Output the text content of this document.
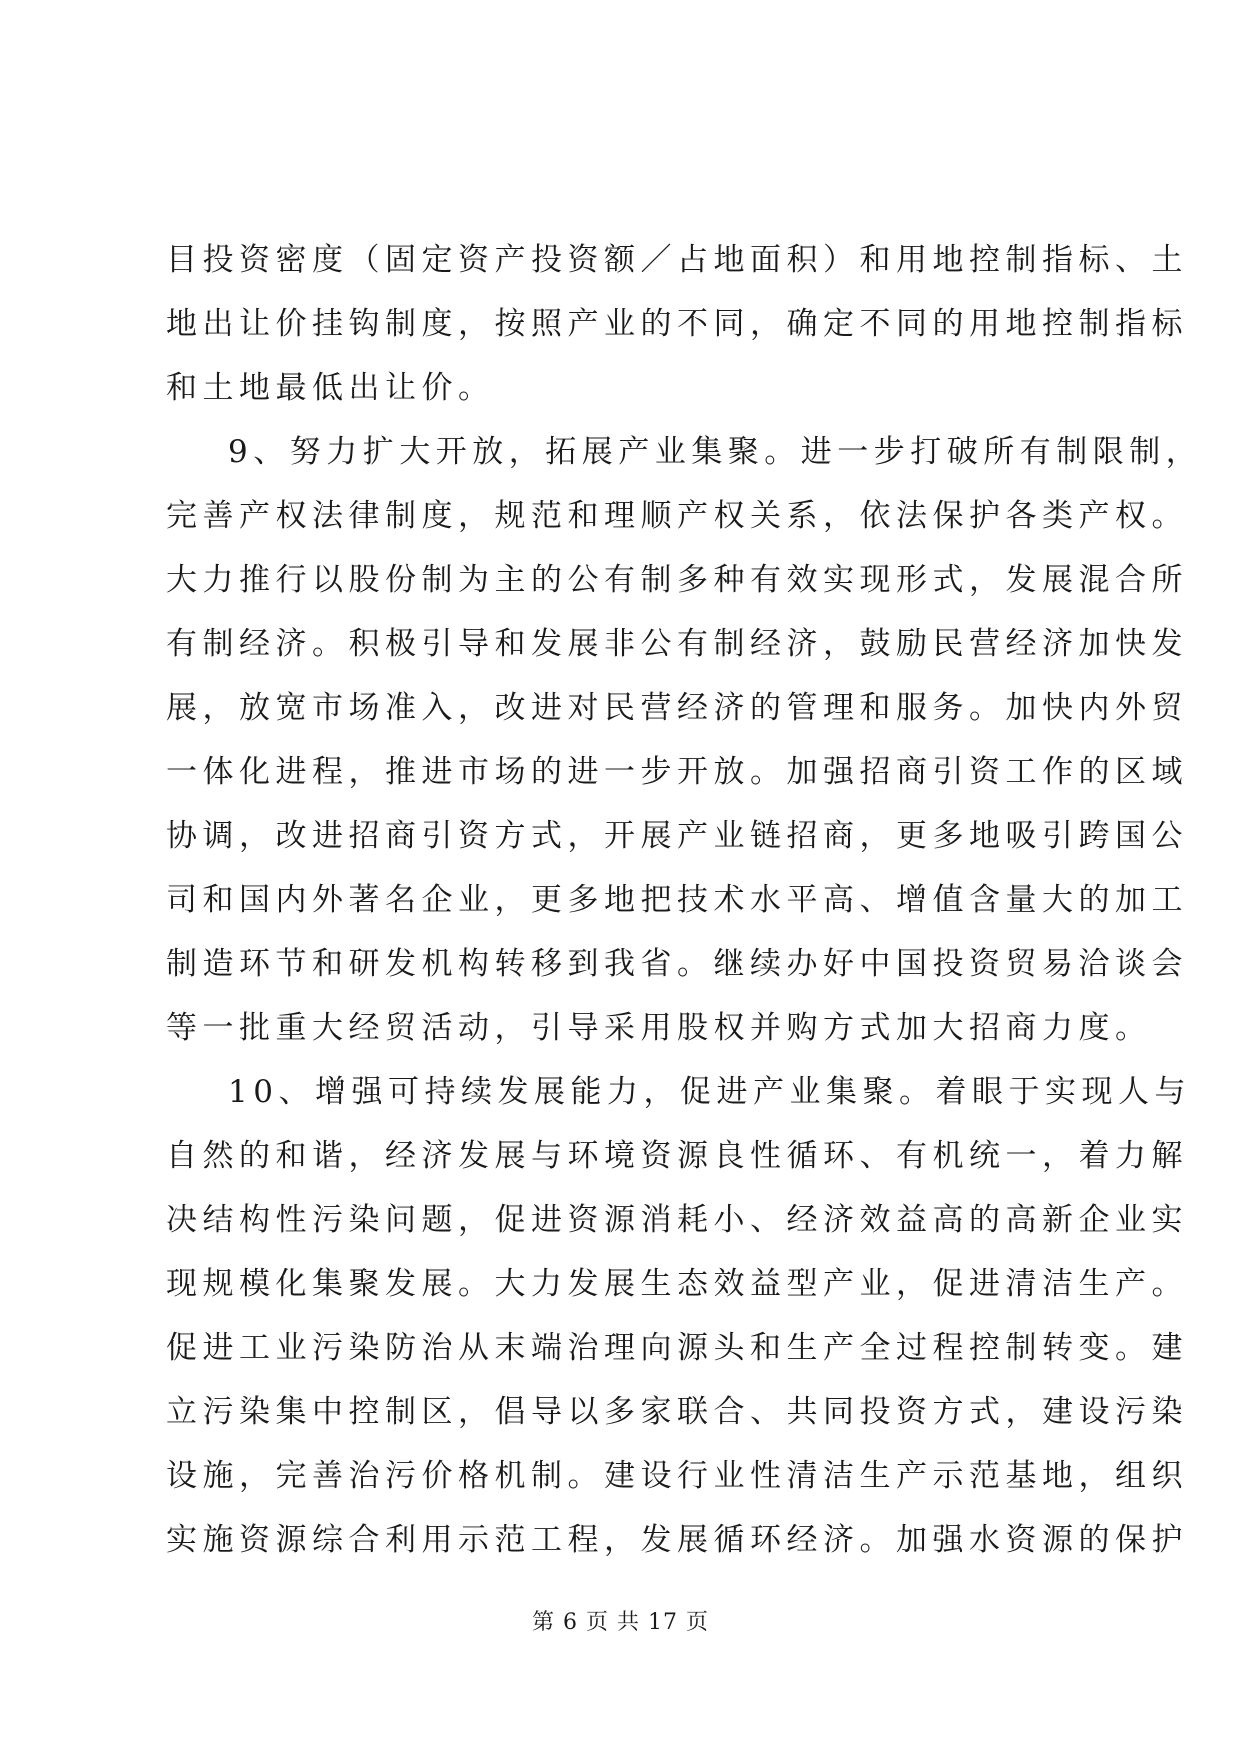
目投资密度（固定资产投资额／占地面积）和用地控制指标、土
地出让价挂钩制度，按照产业的不同，确定不同的用地控制指标
和土地最低出让价。
9、努力扩大开放，拓展产业集聚。进一步打破所有制限制，
完善产权法律制度，规范和理顺产权关系，依法保护各类产权。
大力推行以股份制为主的公有制多种有效实现形式，发展混合所
有制经济。积极引导和发展非公有制经济，鼓励民营经济加快发
展，放宽市场准入，改进对民营经济的管理和服务。加快内外贸
一体化进程，推进市场的进一步开放。加强招商引资工作的区域
协调，改进招商引资方式，开展产业链招商，更多地吸引跨国公
司和国内外著名企业，更多地把技术水平高、增值含量大的加工
制造环节和研发机构转移到我省。继续办好中国投资贸易洽谈会
等一批重大经贸活动，引导采用股权并购方式加大招商力度。
10、增强可持续发展能力，促进产业集聚。着眼于实现人与
自然的和谐，经济发展与环境资源良性循环、有机统一，着力解
决结构性污染问题，促进资源消耗小、经济效益高的高新企业实
现规模化集聚发展。大力发展生态效益型产业，促进清洁生产。
促进工业污染防治从末端治理向源头和生产全过程控制转变。建
立污染集中控制区，倡导以多家联合、共同投资方式，建设污染
设施，完善治污价格机制。建设行业性清洁生产示范基地，组织
实施资源综合利用示范工程，发展循环经济。加强水资源的保护
第 6 页 共 17 页
